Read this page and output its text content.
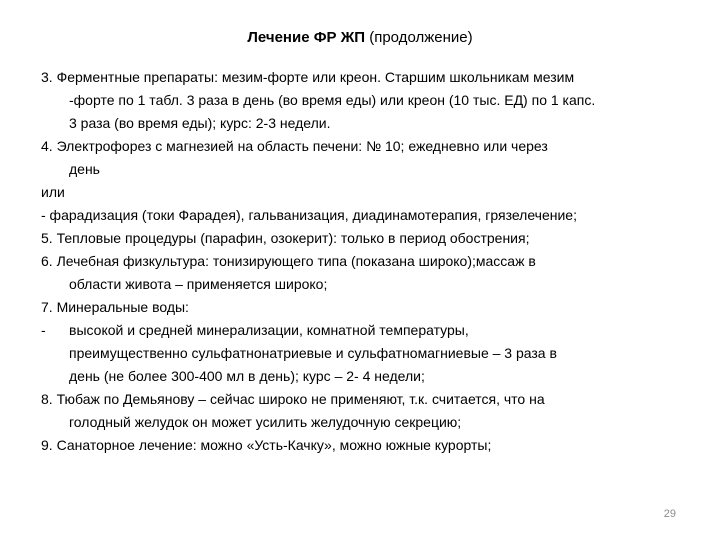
Лечение ФР ЖП (продолжение)
3. Ферментные препараты: мезим-форте или креон. Старшим школьникам мезим
-форте по 1 табл. 3 раза в день (во время еды) или креон (10 тыс. ЕД) по 1 капс.
3 раза (во время еды); курс: 2-3 недели.
4. Электрофорез с магнезией на область печени: № 10; ежедневно или через
день
или
- фарадизация (токи Фарадея), гальванизация, диадинамотерапия, грязелечение;
5. Тепловые процедуры (парафин, озокерит): только в период обострения;
6. Лечебная физкультура: тонизирующего типа (показана широко);массаж в
области живота – применяется широко;
7. Минеральные воды:
- высокой и средней минерализации, комнатной температуры,
преимущественно сульфатнонатриевые и сульфатномагниевые – 3 раза в
день (не более 300-400 мл в день); курс – 2- 4 недели;
8. Тюбаж по Демьянову – сейчас широко не применяют, т.к. считается, что на
голодный желудок он может усилить желудочную секрецию;
9. Санаторное лечение: можно «Усть-Качку», можно южные курорты;
29
